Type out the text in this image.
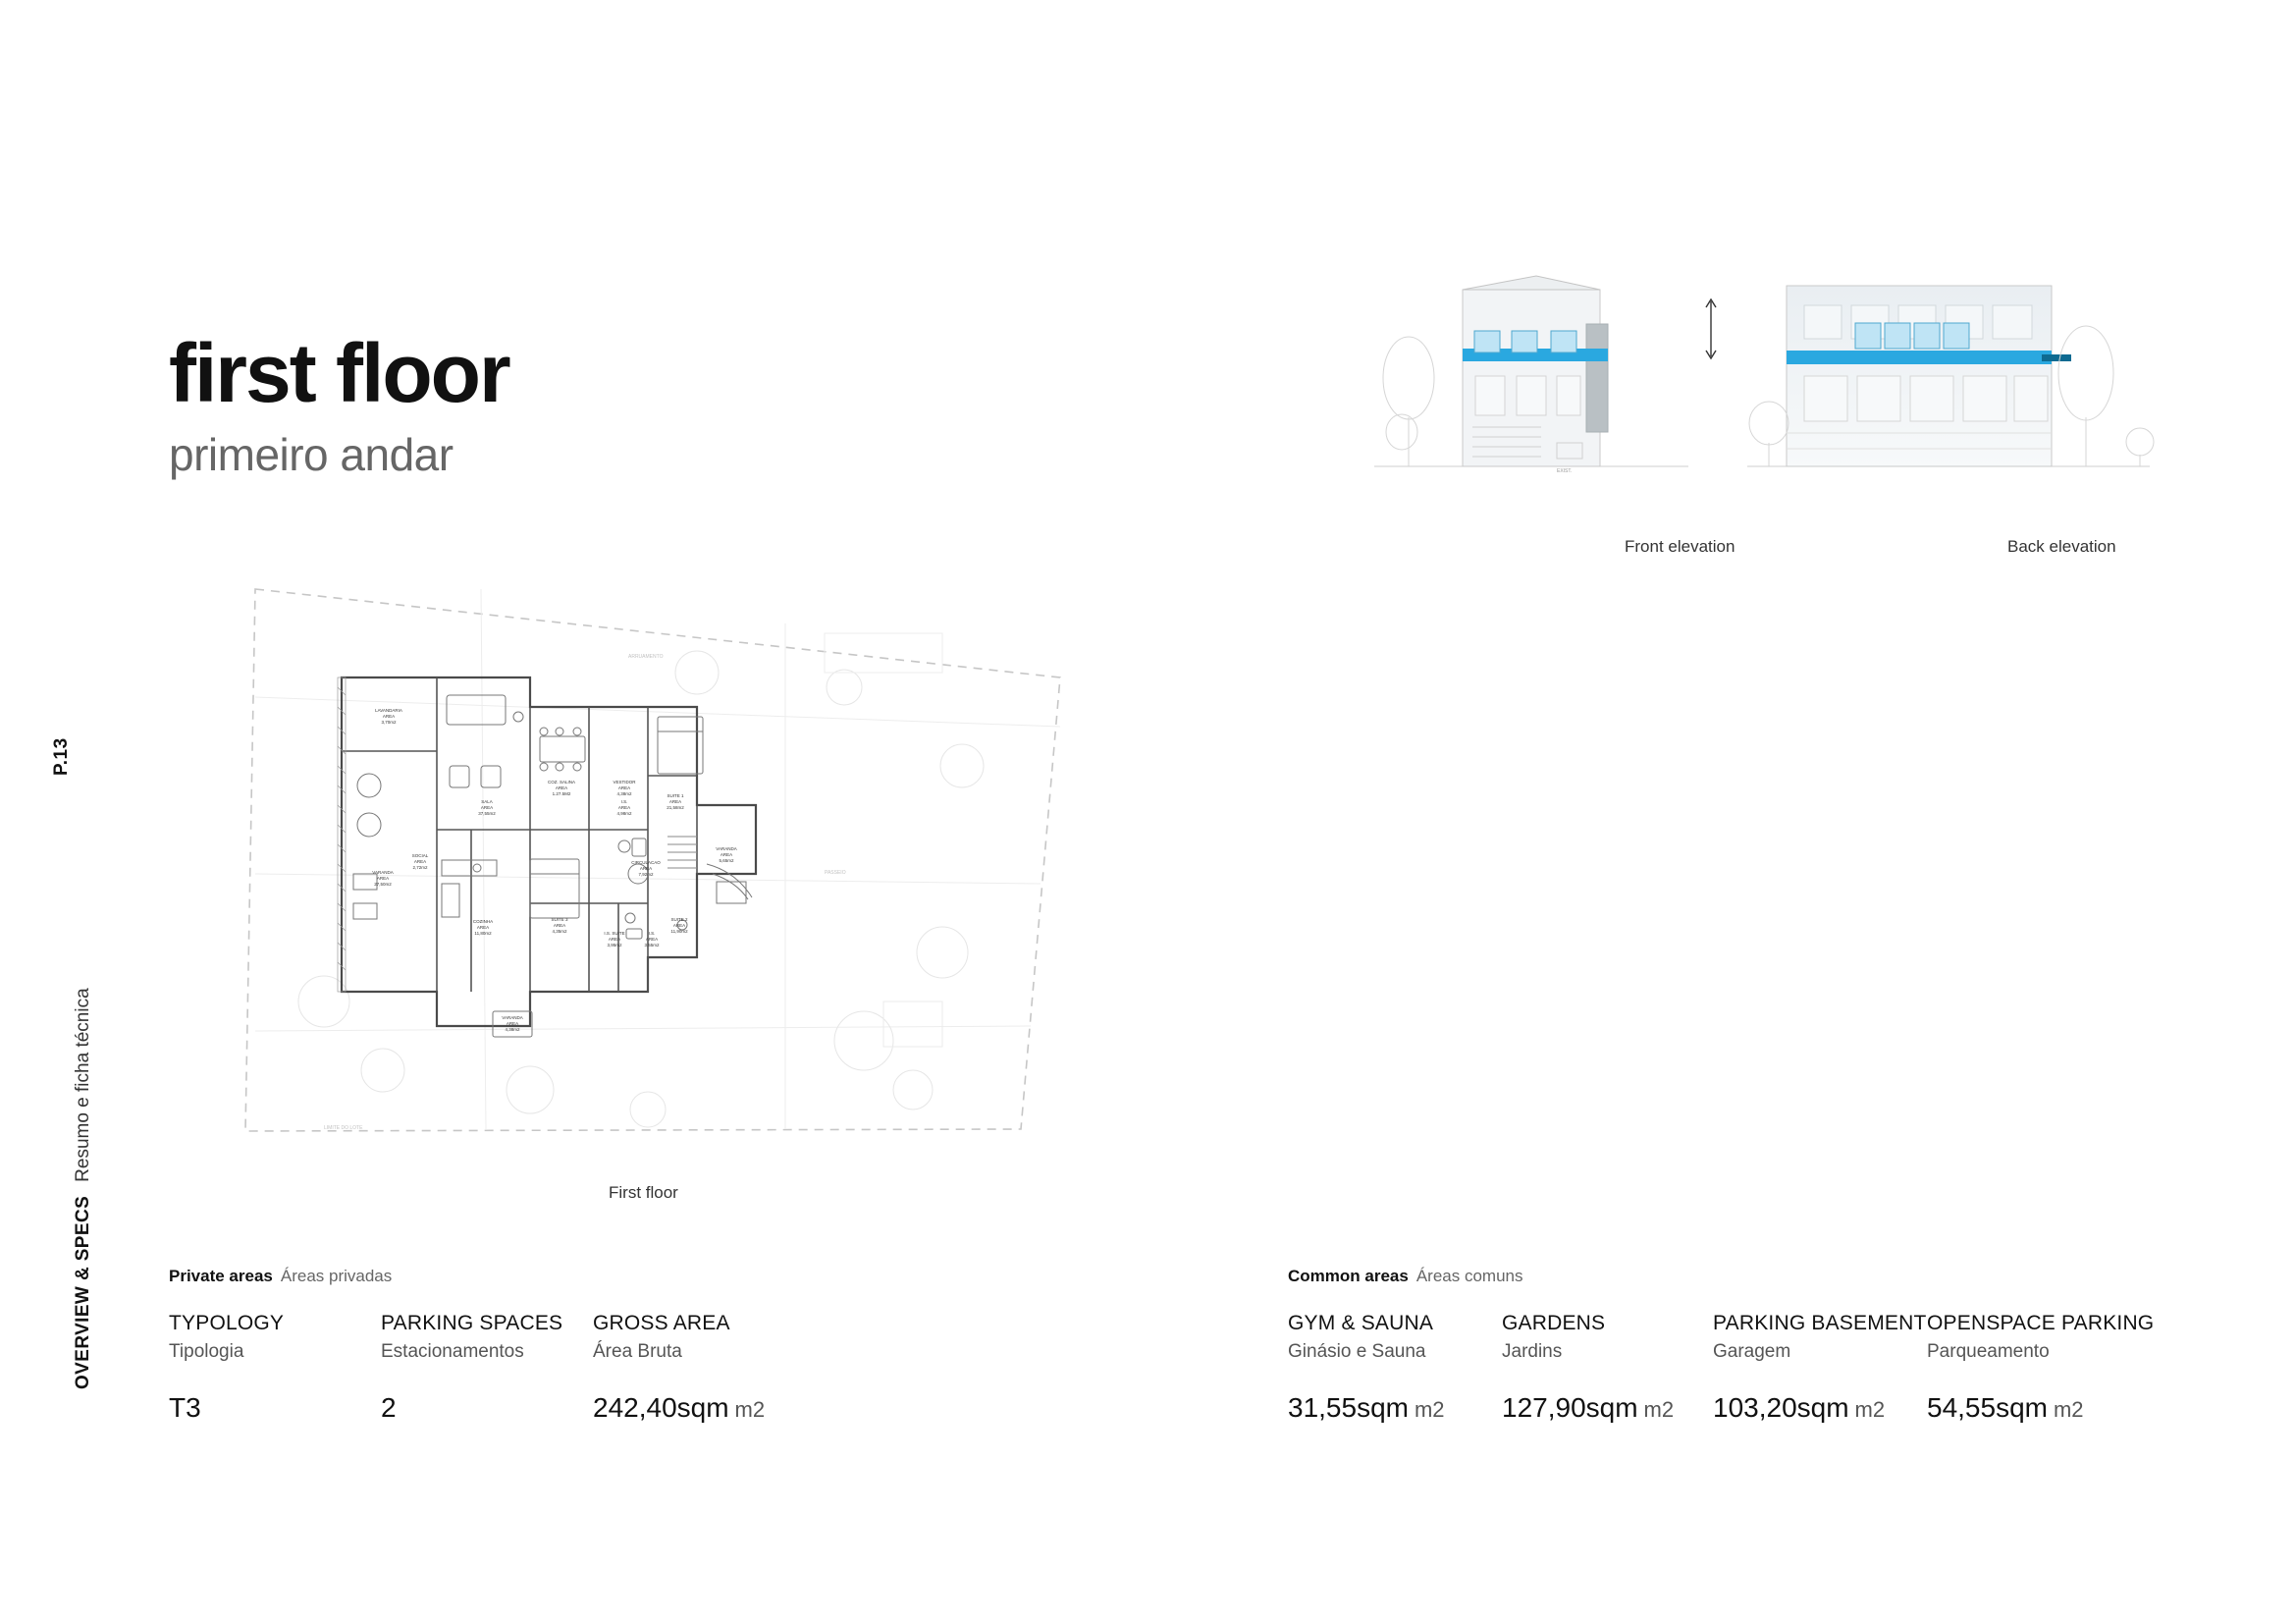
P.13
OVERVIEW & SPECSResumo e ficha técnica
first floor
primeiro andar	EXIST.
Front elevation	Back elevation
LAVANDARIA
AREA
3,70m2
SALA
AREA
37,55m2
COZ. SALINA
AREA
1.27.5M2
I.S.
AREA
4,98m2
VESTIDOR
AREA
4,38m2	SUITE 1
AREA
21,58m2
CIRCULACAO
AREA
7,92m2
VARANDA
AREA
5,65m2
VARANDA
AREA
27,50m2
COZINHA
AREA
11,80m2
SUITE 3
AREA
4,35m2
SUITE 2
AREA
11,90m2
I.S. SUITE
AREA
3,95m2
I.S.
AREA
3,55m2
VARANDA
AREA
4,38m2
SOCIAL
AREA
2,72m2
ARRUAMENTO
PASSEIO
LIMITE DO LOTE
First floor
Private areas Áreas privadas
TYPOLOGY
Tipologia
T3
PARKING SPACES
Estacionamentos
2
GROSS AREA
Área Bruta
242,40sqm m2
Common areas Áreas comuns
GYM & SAUNA
Ginásio e Sauna
31,55sqm m2
GARDENS
Jardins
127,90sqm m2
PARKING BASEMENT
Garagem
103,20sqm m2
OPENSPACE PARKING
Parqueamento
54,55sqm m2
